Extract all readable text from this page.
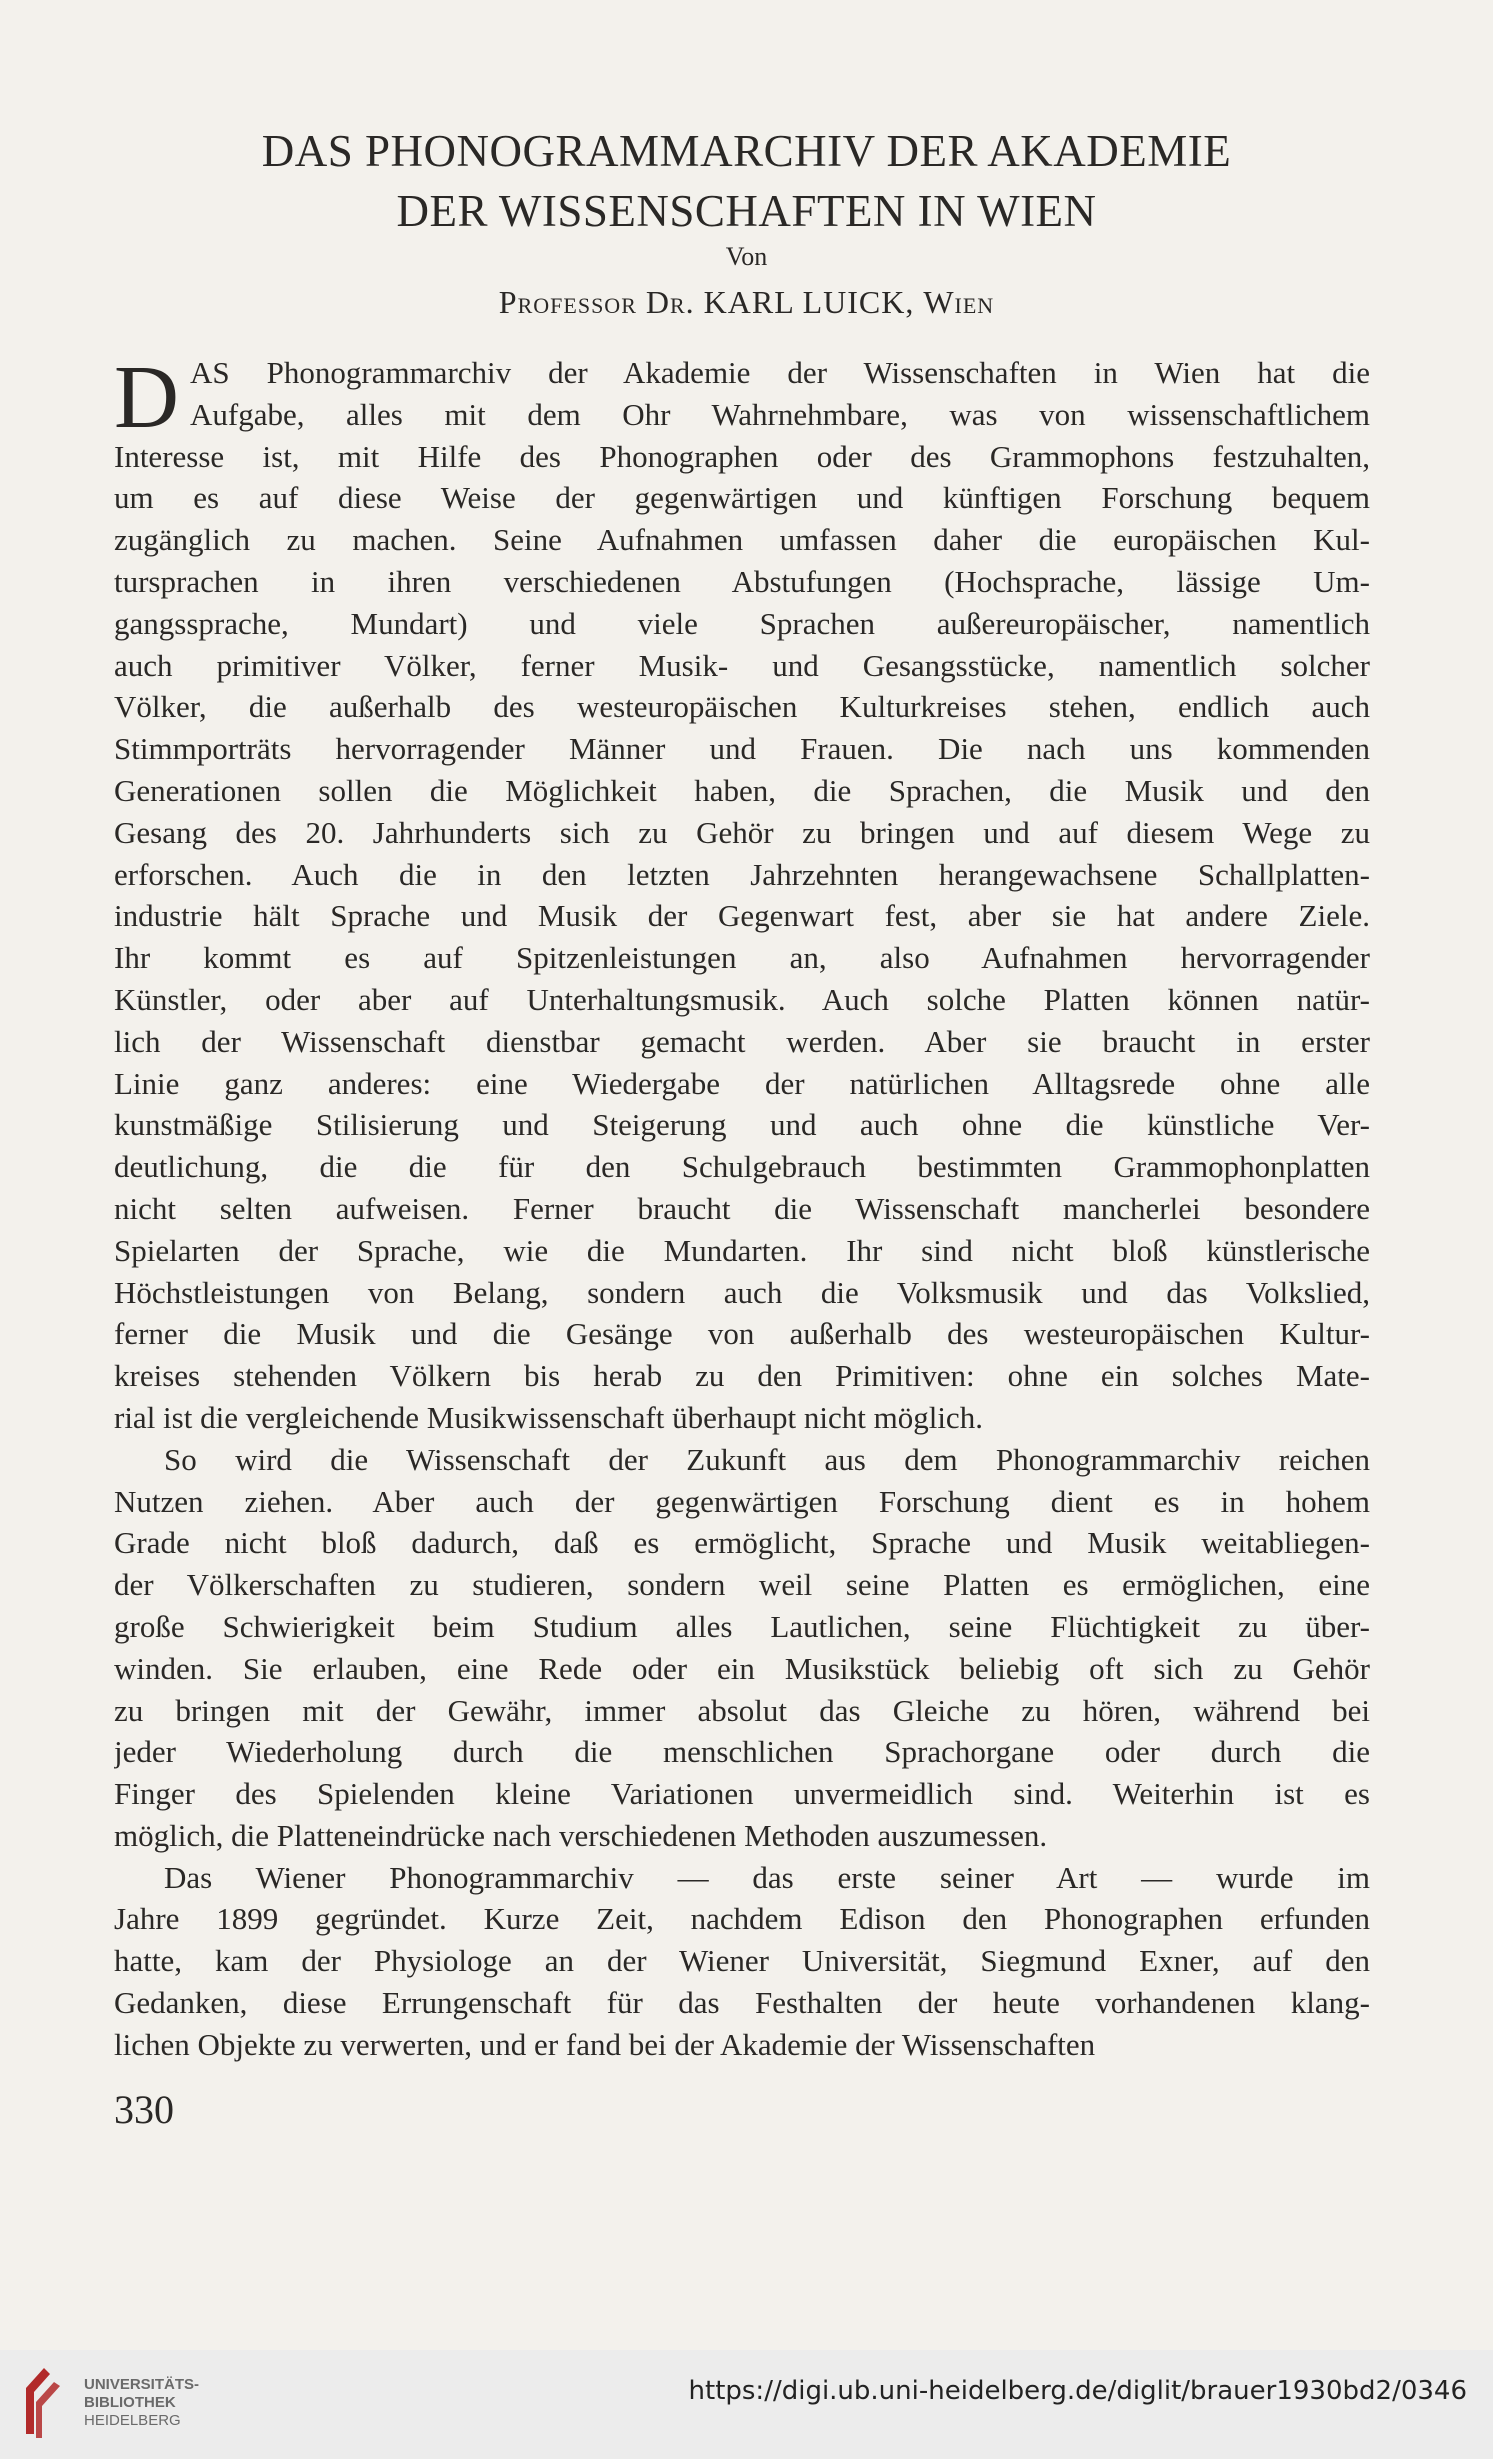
DAS PHONOGRAMMARCHIV DER AKADEMIE
DER WISSENSCHAFTEN IN WIEN
Von
Professor Dr. KARL LUICK, Wien
D AS Phonogrammarchiv der Akademie der Wissenschaften in Wien hat die
Aufgabe, alles mit dem Ohr Wahrnehmbare, was von wissenschaftlichem
Interesse ist, mit Hilfe des Phonographen oder des Grammophons festzuhalten,
um es auf diese Weise der gegenwärtigen und künftigen Forschung bequem
zugänglich zu machen. Seine Aufnahmen umfassen daher die europäischen Kul-
tursprachen in ihren verschiedenen Abstufungen (Hochsprache, lässige Um-
gangssprache, Mundart) und viele Sprachen außereuropäischer, namentlich
auch primitiver Völker, ferner Musik- und Gesangsstücke, namentlich solcher
Völker, die außerhalb des westeuropäischen Kulturkreises stehen, endlich auch
Stimmporträts hervorragender Männer und Frauen. Die nach uns kommenden
Generationen sollen die Möglichkeit haben, die Sprachen, die Musik und den
Gesang des 20. Jahrhunderts sich zu Gehör zu bringen und auf diesem Wege zu
erforschen. Auch die in den letzten Jahrzehnten herangewachsene Schallplatten-
industrie hält Sprache und Musik der Gegenwart fest, aber sie hat andere Ziele.
Ihr kommt es auf Spitzenleistungen an, also Aufnahmen hervorragender
Künstler, oder aber auf Unterhaltungsmusik. Auch solche Platten können natür-
lich der Wissenschaft dienstbar gemacht werden. Aber sie braucht in erster
Linie ganz anderes: eine Wiedergabe der natürlichen Alltagsrede ohne alle
kunstmäßige Stilisierung und Steigerung und auch ohne die künstliche Ver-
deutlichung, die die für den Schulgebrauch bestimmten Grammophonplatten
nicht selten aufweisen. Ferner braucht die Wissenschaft mancherlei besondere
Spielarten der Sprache, wie die Mundarten. Ihr sind nicht bloß künstlerische
Höchstleistungen von Belang, sondern auch die Volksmusik und das Volkslied,
ferner die Musik und die Gesänge von außerhalb des westeuropäischen Kultur-
kreises stehenden Völkern bis herab zu den Primitiven: ohne ein solches Mate-
rial ist die vergleichende Musikwissenschaft überhaupt nicht möglich.
So wird die Wissenschaft der Zukunft aus dem Phonogrammarchiv reichen
Nutzen ziehen. Aber auch der gegenwärtigen Forschung dient es in hohem
Grade nicht bloß dadurch, daß es ermöglicht, Sprache und Musik weitabliegen-
der Völkerschaften zu studieren, sondern weil seine Platten es ermöglichen, eine
große Schwierigkeit beim Studium alles Lautlichen, seine Flüchtigkeit zu über-
winden. Sie erlauben, eine Rede oder ein Musikstück beliebig oft sich zu Gehör
zu bringen mit der Gewähr, immer absolut das Gleiche zu hören, während bei
jeder Wiederholung durch die menschlichen Sprachorgane oder durch die
Finger des Spielenden kleine Variationen unvermeidlich sind. Weiterhin ist es
möglich, die Platteneindrücke nach verschiedenen Methoden auszumessen.
Das Wiener Phonogrammarchiv — das erste seiner Art — wurde im
Jahre 1899 gegründet. Kurze Zeit, nachdem Edison den Phonographen erfunden
hatte, kam der Physiologe an der Wiener Universität, Siegmund Exner, auf den
Gedanken, diese Errungenschaft für das Festhalten der heute vorhandenen klang-
lichen Objekte zu verwerten, und er fand bei der Akademie der Wissenschaften
330
UNIVERSITÄTS-
BIBLIOTHEK
HEIDELBERG
https://digi.ub.uni-heidelberg.de/diglit/brauer1930bd2/0346
